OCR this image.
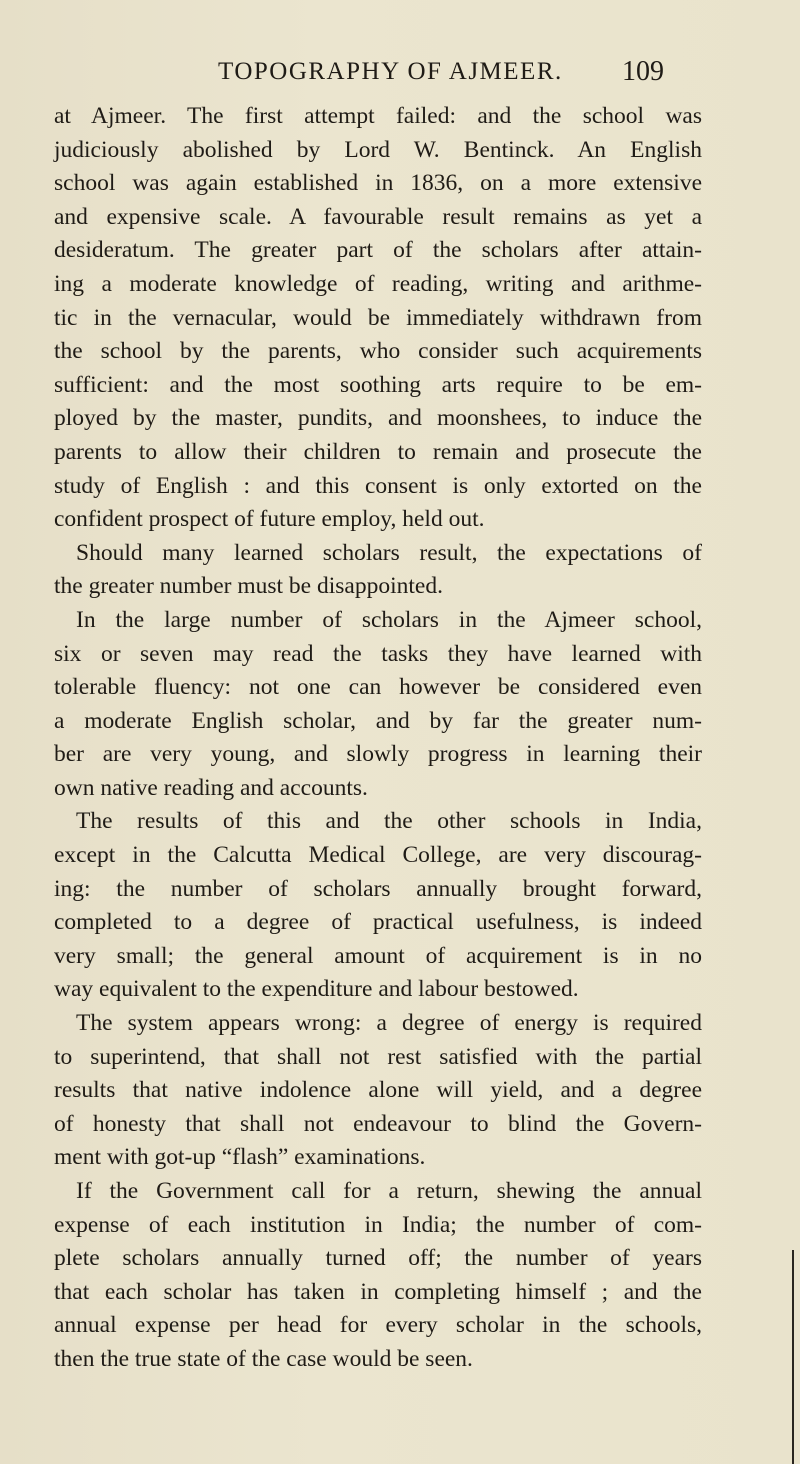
TOPOGRAPHY OF AJMEER. 109
at Ajmeer. The first attempt failed: and the school was
judiciously abolished by Lord W. Bentinck. An English
school was again established in 1836, on a more extensive
and expensive scale. A favourable result remains as yet a
desideratum. The greater part of the scholars after attain-
ing a moderate knowledge of reading, writing and arithme-
tic in the vernacular, would be immediately withdrawn from
the school by the parents, who consider such acquirements
sufficient: and the most soothing arts require to be em-
ployed by the master, pundits, and moonshees, to induce the
parents to allow their children to remain and prosecute the
study of English : and this consent is only extorted on the
confident prospect of future employ, held out.
Should many learned scholars result, the expectations of
the greater number must be disappointed.
In the large number of scholars in the Ajmeer school,
six or seven may read the tasks they have learned with
tolerable fluency: not one can however be considered even
a moderate English scholar, and by far the greater num-
ber are very young, and slowly progress in learning their
own native reading and accounts.
The results of this and the other schools in India,
except in the Calcutta Medical College, are very discourag-
ing: the number of scholars annually brought forward,
completed to a degree of practical usefulness, is indeed
very small; the general amount of acquirement is in no
way equivalent to the expenditure and labour bestowed.
The system appears wrong: a degree of energy is required
to superintend, that shall not rest satisfied with the partial
results that native indolence alone will yield, and a degree
of honesty that shall not endeavour to blind the Govern-
ment with got-up “flash” examinations.
If the Government call for a return, shewing the annual
expense of each institution in India; the number of com-
plete scholars annually turned off; the number of years
that each scholar has taken in completing himself ; and the
annual expense per head for every scholar in the schools,
then the true state of the case would be seen.
